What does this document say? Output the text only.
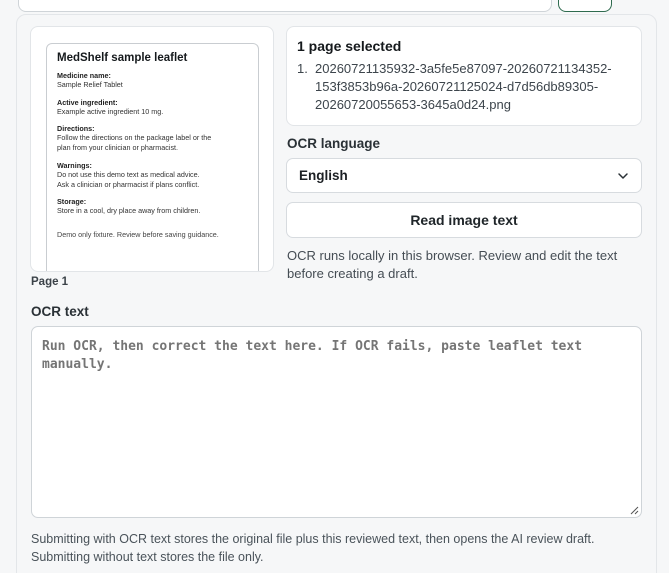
MedShelf sample leaflet
Medicine name:
Sample Relief Tablet
Active ingredient:
Example active ingredient 10 mg.
Directions:
Follow the directions on the package label or the
plan from your clinician or pharmacist.
Warnings:
Do not use this demo text as medical advice.
Ask a clinician or pharmacist if plans conflict.
Storage:
Store in a cool, dry place away from children.
Demo only fixture. Review before saving guidance.
Page 1
1 page selected
1. 20260721135932-3a5fe5e87097-20260721134352-153f3853b96a-20260721125024-d7d56db89305-20260720055653-3645a0d24.png
OCR language
English
Read image text
OCR runs locally in this browser. Review and edit the text before creating a draft.
OCR text
Run OCR, then correct the text here. If OCR fails, paste leaflet text manually.
Submitting with OCR text stores the original file plus this reviewed text, then opens the AI review draft. Submitting without text stores the file only.
